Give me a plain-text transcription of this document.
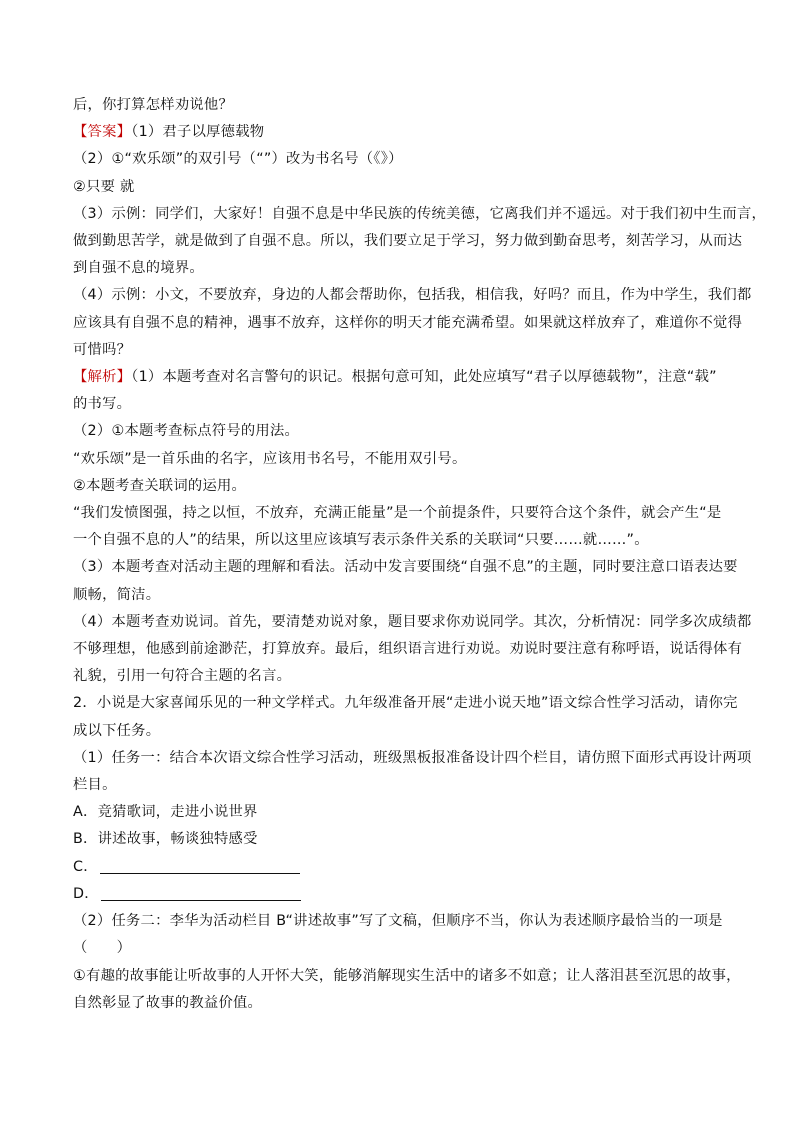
后，你打算怎样劝说他？
【答案】（1）君子以厚德载物
（2）①“欢乐颂”的双引号（“”）改为书名号（《》）
②只要 就
（3）示例：同学们，大家好！自强不息是中华民族的传统美德，它离我们并不遥远。对于我们初中生而言，
做到勤思苦学，就是做到了自强不息。所以，我们要立足于学习，努力做到勤奋思考，刻苦学习，从而达
到自强不息的境界。
（4）示例：小文，不要放弃，身边的人都会帮助你，包括我，相信我，好吗？而且，作为中学生，我们都
应该具有自强不息的精神，遇事不放弃，这样你的明天才能充满希望。如果就这样放弃了，难道你不觉得
可惜吗？
【解析】（1）本题考查对名言警句的识记。根据句意可知，此处应填写“君子以厚德载物”，注意“载”
的书写。
（2）①本题考查标点符号的用法。
“欢乐颂”是一首乐曲的名字，应该用书名号，不能用双引号。
②本题考查关联词的运用。
“我们发愤图强，持之以恒，不放弃，充满正能量”是一个前提条件，只要符合这个条件，就会产生“是
一个自强不息的人”的结果，所以这里应该填写表示条件关系的关联词“只要……就……”。
（3）本题考查对活动主题的理解和看法。活动中发言要围绕“自强不息”的主题，同时要注意口语表达要
顺畅，简洁。
（4）本题考查劝说词。首先，要清楚劝说对象，题目要求你劝说同学。其次，分析情况：同学多次成绩都
不够理想，他感到前途渺茫，打算放弃。最后，组织语言进行劝说。劝说时要注意有称呼语，说话得体有
礼貌，引用一句符合主题的名言。
2．小说是大家喜闻乐见的一种文学样式。九年级准备开展“走进小说天地”语文综合性学习活动，请你完
成以下任务。
（1）任务一：结合本次语文综合性学习活动，班级黑板报准备设计四个栏目，请仿照下面形式再设计两项
栏目。
A．竞猜歌词，走进小说世界
B．讲述故事，畅谈独特感受
C．
D．
（2）任务二：李华为活动栏目 B“讲述故事”写了文稿，但顺序不当，你认为表述顺序最恰当的一项是
（　　）
①有趣的故事能让听故事的人开怀大笑，能够消解现实生活中的诸多不如意；让人落泪甚至沉思的故事，
自然彰显了故事的教益价值。
